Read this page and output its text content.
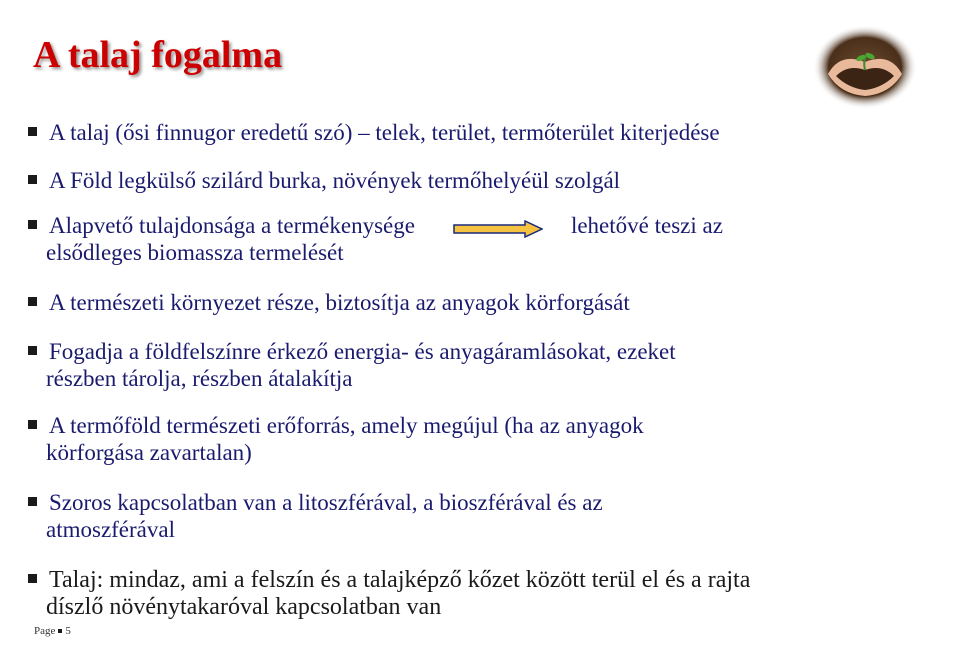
A talaj fogalma
A talaj (ősi finnugor eredetű szó) – telek, terület, termőterület kiterjedése
A Föld legkülső szilárd burka, növények termőhelyéül szolgál
Alapvető tulajdonsága a termékenysége	lehetővé teszi az
elsődleges biomassza termelését
A természeti környezet része, biztosítja az anyagok körforgását
Fogadja a földfelszínre érkező energia- és anyagáramlásokat, ezeket
részben tárolja, részben átalakítja
A termőföld természeti erőforrás, amely megújul (ha az anyagok
körforgása zavartalan)
Szoros kapcsolatban van a litoszférával, a bioszférával és az
atmoszférával
Talaj: mindaz, ami a felszín és a talajképző kőzet között terül el és a rajta
díszlő növénytakaróval kapcsolatban van
Page 5
